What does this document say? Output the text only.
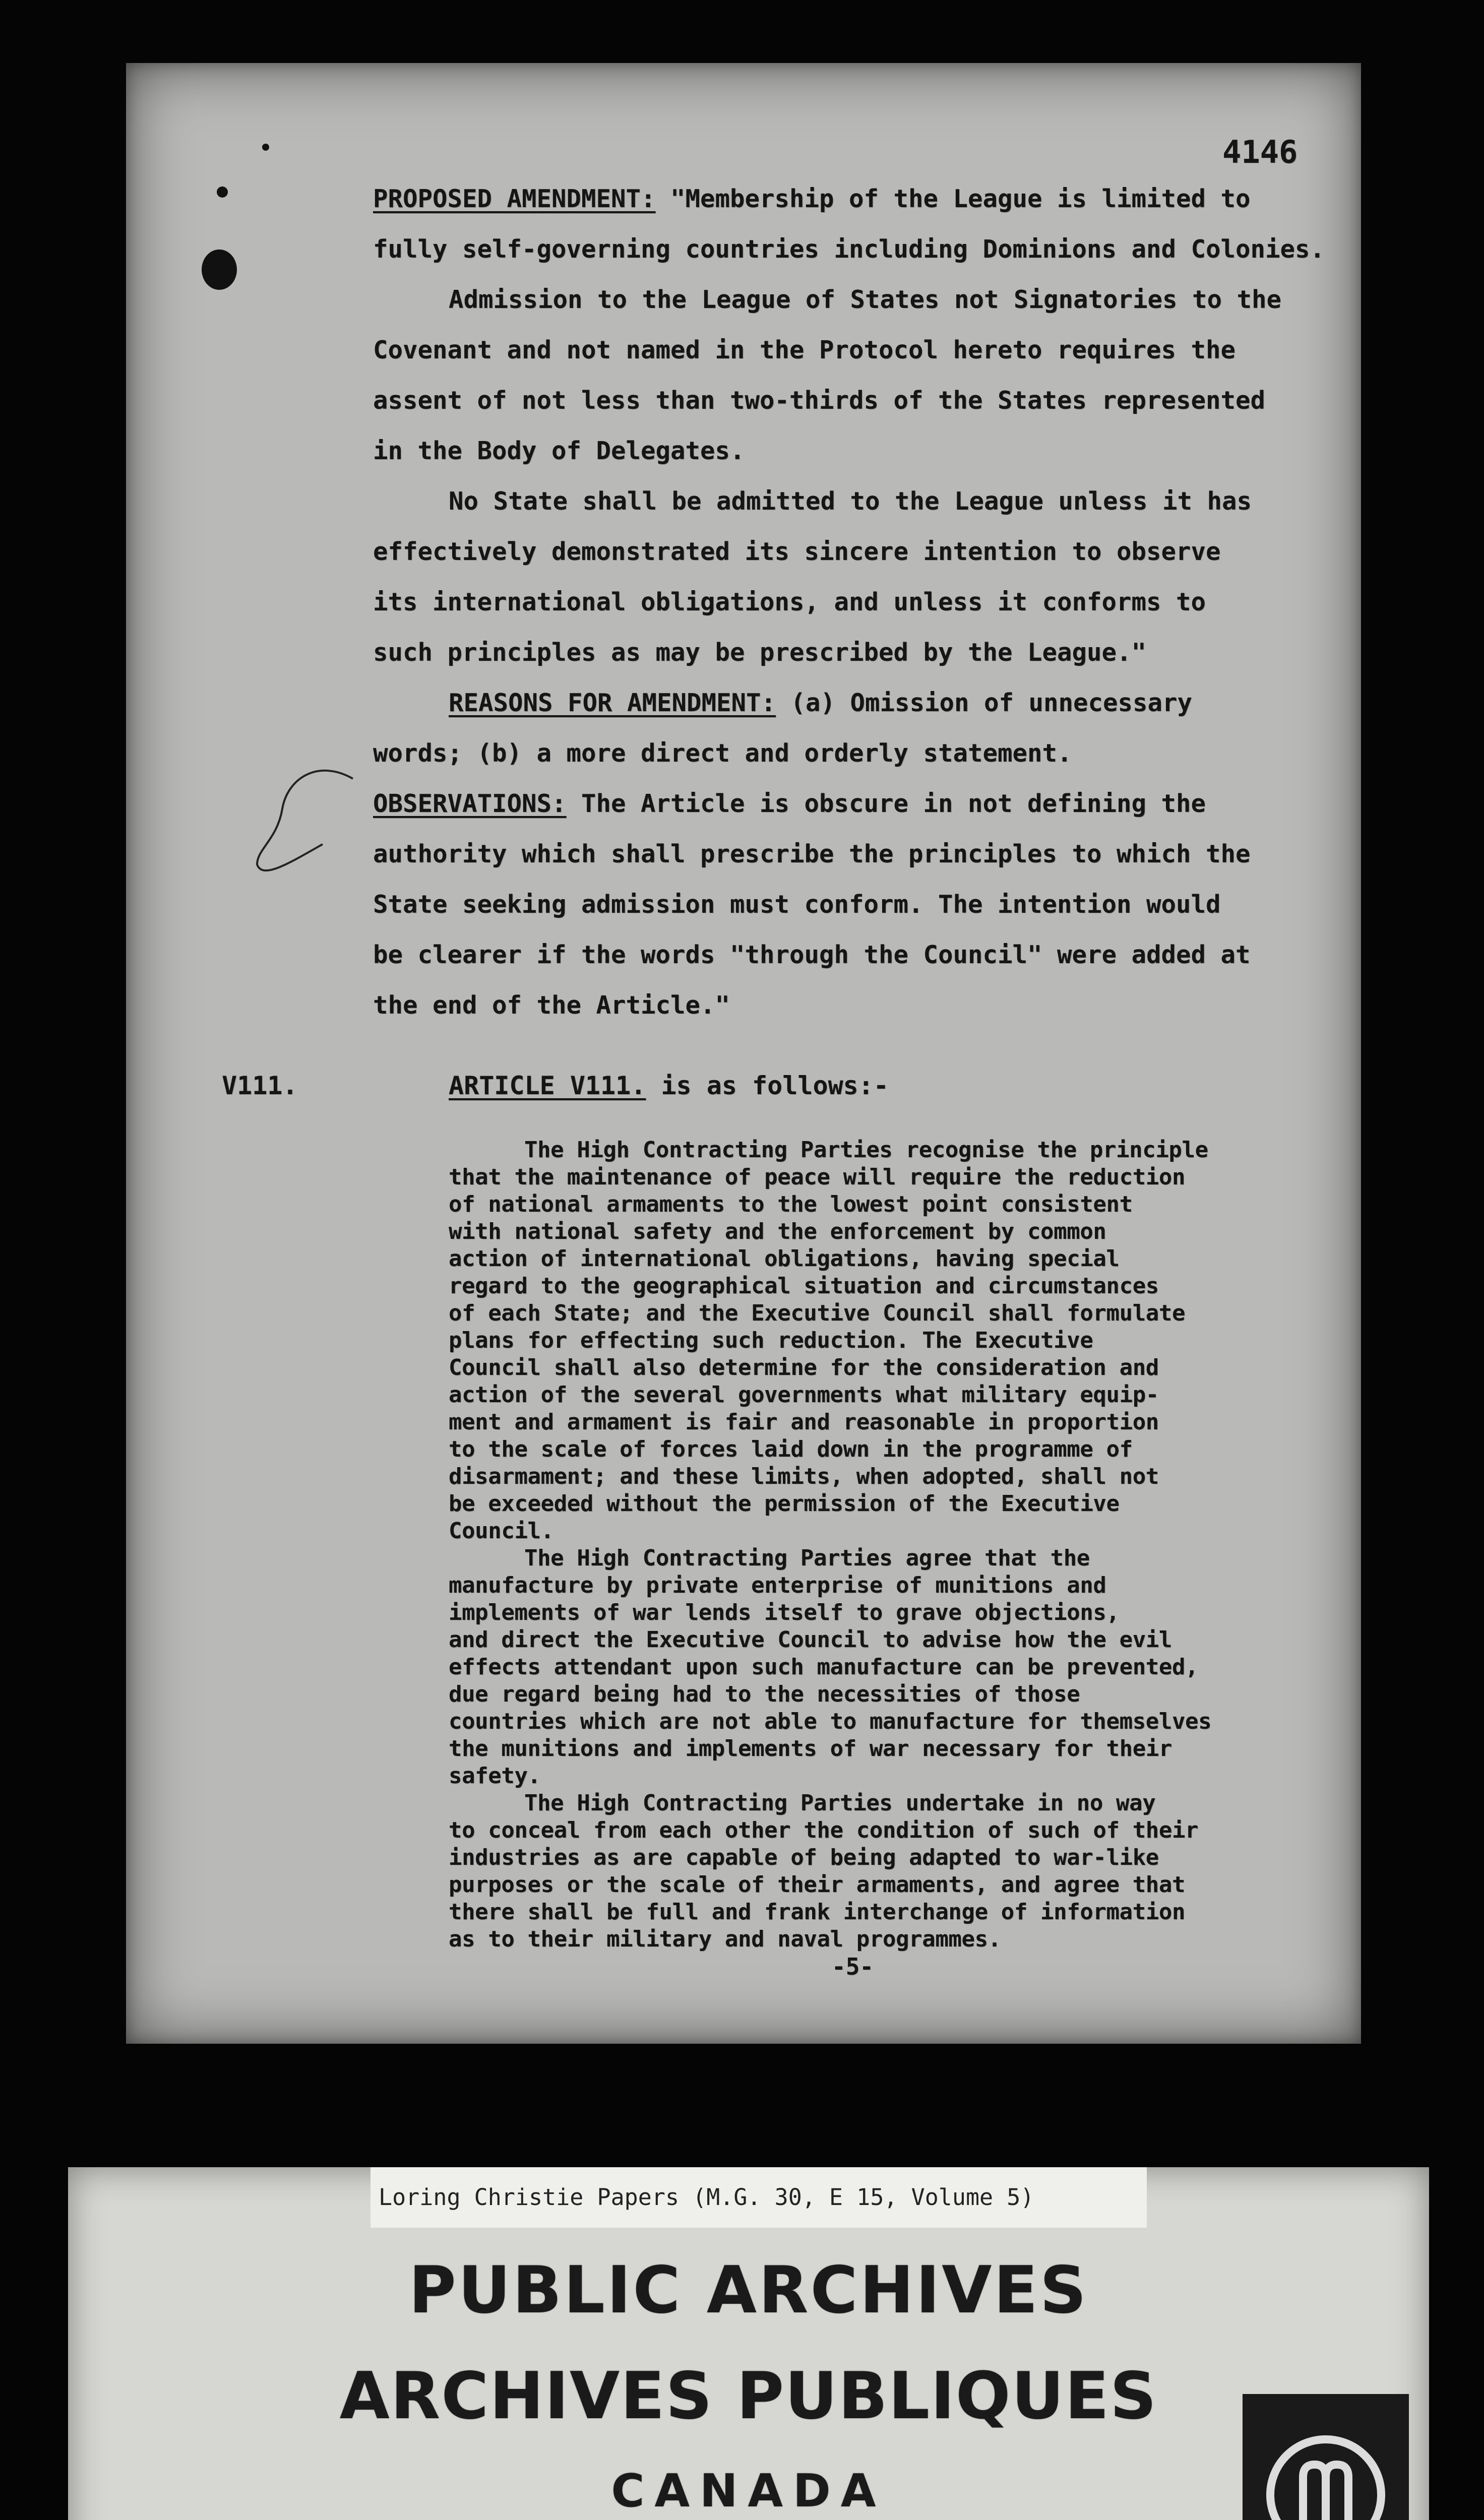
4146

PROPOSED AMENDMENT: "Membership of the League is limited to

fully self-governing countries including Dominions and Colonies.

Admission to the League of States not Signatories to the

Covenant and not named in the Protocol hereto requires the

assent of not less than two-thirds of the States represented

in the Body of Delegates.

No State shall be admitted to the League unless it has

effectively demonstrated its sincere intention to observe

its international obligations, and unless it conforms to

such principles as may be prescribed by the League."

REASONS FOR AMENDMENT: (a) Omission of unnecessary

words; (b) a more direct and orderly statement.

OBSERVATIONS: The Article is obscure in not defining the

authority which shall prescribe the principles to which the

State seeking admission must conform. The intention would

be clearer if the words "through the Council" were added at

the end of the Article."

V111.	ARTICLE V111. is as follows:-

The High Contracting Parties recognise the principle

that the maintenance of peace will require the reduction

of national armaments to the lowest point consistent

with national safety and the enforcement by common

action of international obligations, having special

regard to the geographical situation and circumstances

of each State; and the Executive Council shall formulate

plans for effecting such reduction. The Executive

Council shall also determine for the consideration and

action of the several governments what military equip-

ment and armament is fair and reasonable in proportion

to the scale of forces laid down in the programme of

disarmament; and these limits, when adopted, shall not

be exceeded without the permission of the Executive

Council.

The High Contracting Parties agree that the

manufacture by private enterprise of munitions and

implements of war lends itself to grave objections,

and direct the Executive Council to advise how the evil

effects attendant upon such manufacture can be prevented,

due regard being had to the necessities of those

countries which are not able to manufacture for themselves

the munitions and implements of war necessary for their

safety.

The High Contracting Parties undertake in no way

to conceal from each other the condition of such of their

industries as are capable of being adapted to war-like

purposes or the scale of their armaments, and agree that

there shall be full and frank interchange of information

as to their military and naval programmes.

-5-
Loring Christie Papers (M.G. 30, E 15, Volume 5)
PUBLIC ARCHIVES
ARCHIVES PUBLIQUES
CANADA
